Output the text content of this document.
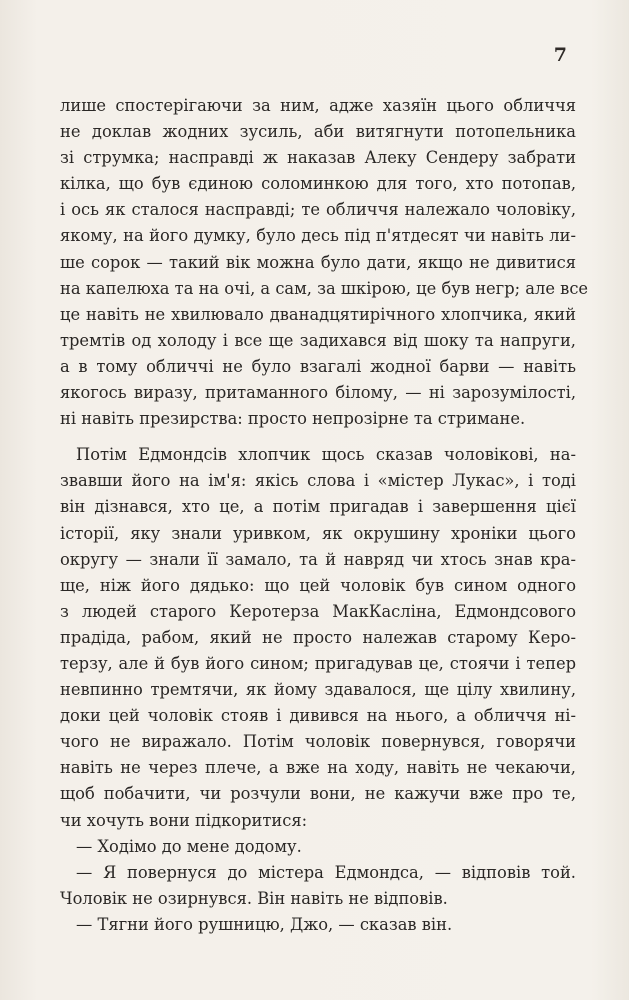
7
лише спостерігаючи за ним, адже хазяїн цього обличчя
не доклав жодних зусиль, аби витягнути потопельника
зі струмка; насправді ж наказав Алеку Сендеру забрати
кілка, що був єдиною соломинкою для того, хто потопав,
і ось як сталося насправді; те обличчя належало чоловіку,
якому, на його думку, було десь під п'ятдесят чи навіть ли-
ше сорок — такий вік можна було дати, якщо не дивитися
на капелюха та на очі, а сам, за шкірою, це був негр; але все
це навіть не хвилювало дванадцятирічного хлопчика, який
тремтів од холоду і все ще задихався від шоку та напруги,
а в тому обличчі не було взагалі жодної барви — навіть
якогось виразу, притаманного білому, — ні зарозумілості,
ні навіть презирства: просто непрозірне та стримане.
Потім Едмондсів хлопчик щось сказав чоловікові, на-
звавши його на ім'я: якісь слова і «містер Лукас», і тоді
він дізнався, хто це, а потім пригадав і завершення цієї
історії, яку знали уривком, як окрушину хроніки цього
округу — знали її замало, та й навряд чи хтось знав кра-
ще, ніж його дядько: що цей чоловік був сином одного
з людей старого Керотерза МакКасліна, Едмондсового
прадіда, рабом, який не просто належав старому Керо-
терзу, але й був його сином; пригадував це, стоячи і тепер
невпинно тремтячи, як йому здавалося, ще цілу хвилину,
доки цей чоловік стояв і дивився на нього, а обличчя ні-
чого не виражало. Потім чоловік повернувся, говорячи
навіть не через плече, а вже на ходу, навіть не чекаючи,
щоб побачити, чи розчули вони, не кажучи вже про те,
чи хочуть вони підкоритися:
— Ходімо до мене додому.
— Я повернуся до містера Едмондса, — відповів той.
Чоловік не озирнувся. Він навіть не відповів.
— Тягни його рушницю, Джо, — сказав він.
